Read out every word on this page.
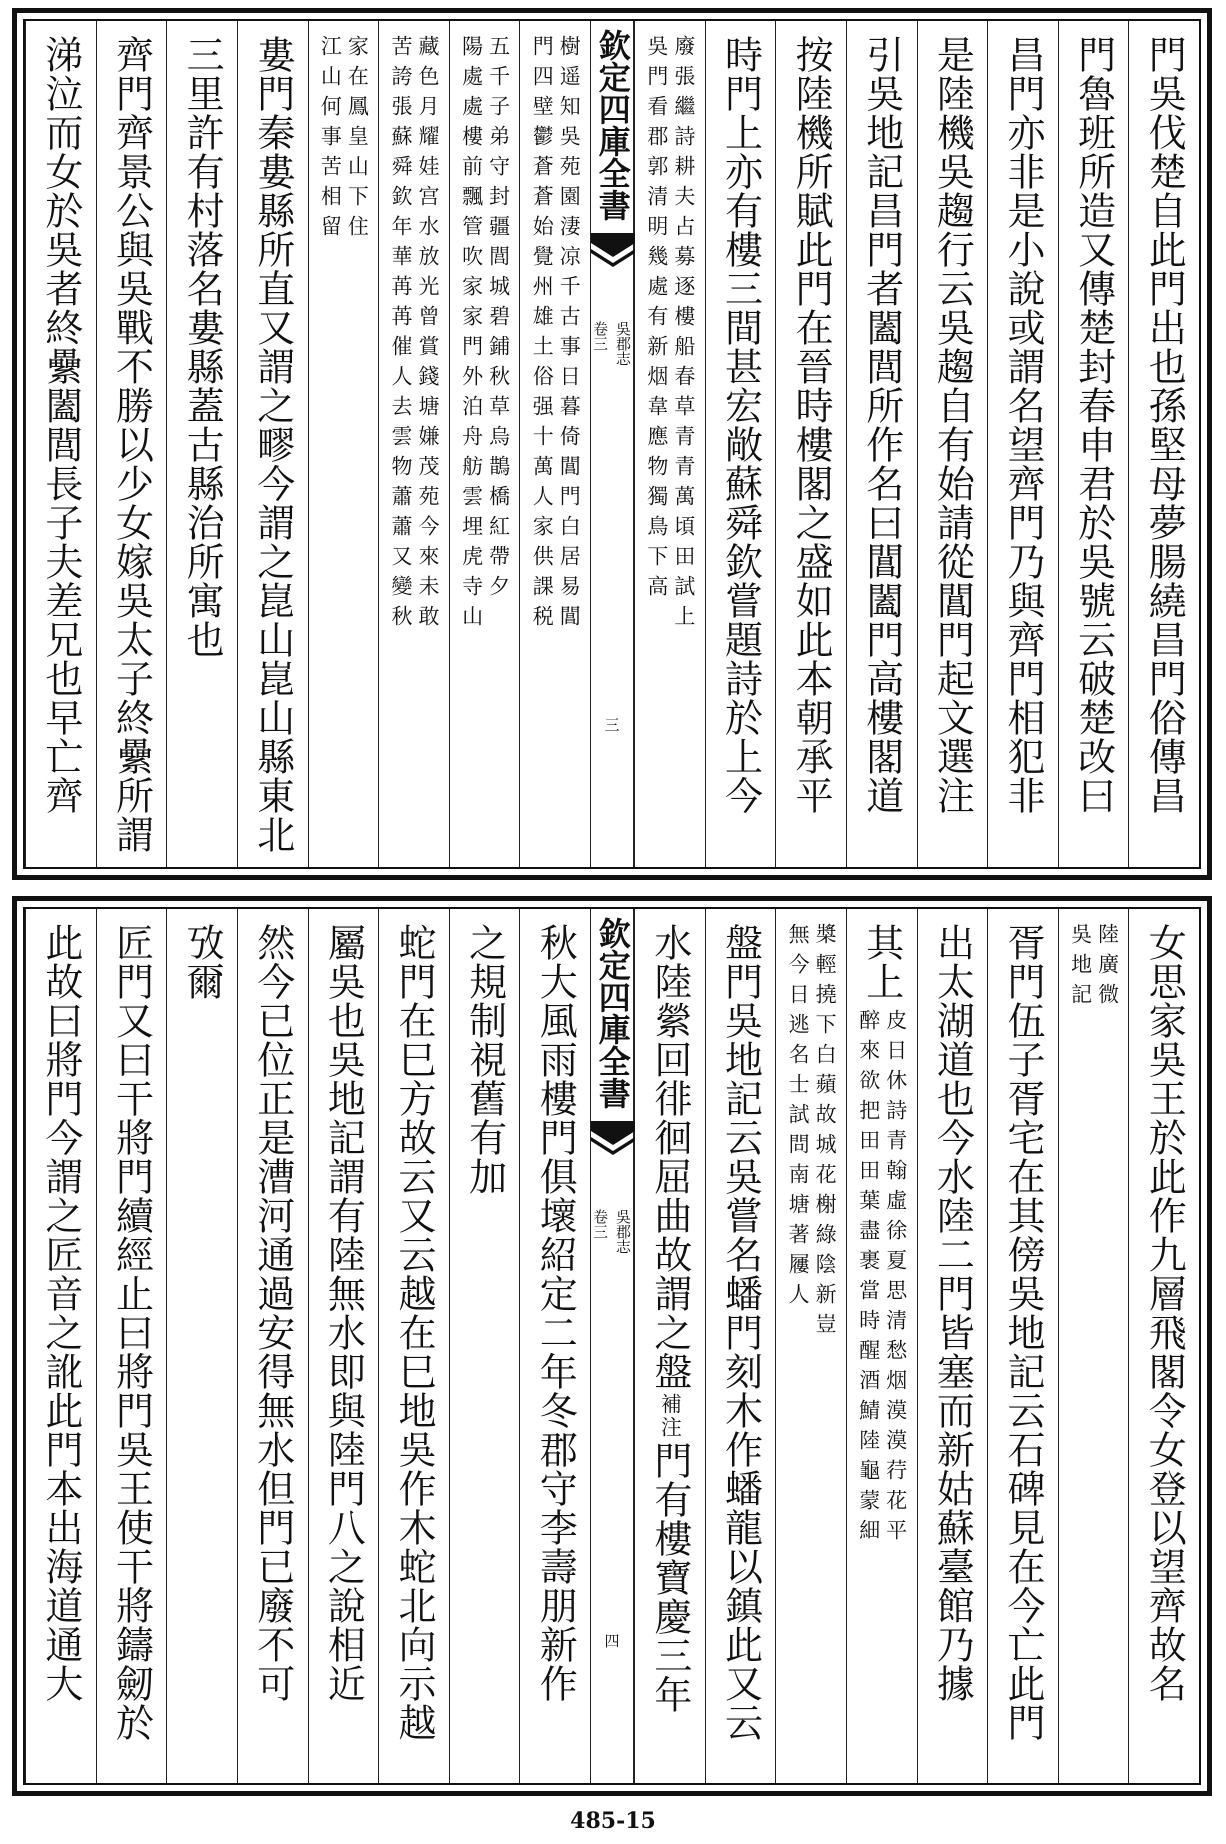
門吳伐楚自此門出也孫堅母夢腸繞昌門俗傳昌
門魯班所造又傳楚封春申君於吳號云破楚改曰
昌門亦非是小說或謂名望齊門乃與齊門相犯非
是陸機吳趨行云吳趨自有始請從閶門起文選注
引吳地記昌門者闔閭所作名曰閶闔門高樓閣道
按陸機所賦此門在晉時樓閣之盛如此本朝承平
時門上亦有樓三間甚宏敞蘇舜欽嘗題詩於上今
廢張繼詩耕夫占募逐樓船春草青青萬頃田試上
吳門看郡郭清明幾處有新烟韋應物獨鳥下高
欽定四庫全書
吳郡志
卷三
三
樹遥知吳苑園淒凉千古事日暮倚閶門白居易閶
門四壁鬱蒼蒼始覺州雄土俗强十萬人家供課税
五千子弟守封疆閭城碧鋪秋草烏鵲橋紅帶夕
陽處處樓前飄管吹家家門外泊舟舫雲埋虎寺山
藏色月耀娃宫水放光曾賞錢塘嫌茂苑今來未敢
苦誇張蘇舜欽年華苒苒催人去雲物蕭蕭又變秋
家在鳳皇山下住
江山何事苦相留
婁門秦婁縣所直又謂之疁今謂之崑山崑山縣東北
三里許有村落名婁縣蓋古縣治所寓也
齊門齊景公與吳戰不勝以少女嫁吳太子終纍所謂
涕泣而女於吳者終纍闔閭長子夫差兄也早亡齊
女思家吳王於此作九層飛閣令女登以望齊故名
陸廣微
吳地記
胥門伍子胥宅在其傍吳地記云石碑見在今亡此門
出太湖道也今水陸二門皆塞而新姑蘇臺館乃據
其上
皮日休詩青翰虛徐夏思清愁烟漠漠荇花平
醉來欲把田田葉盡裹當時醒酒鯖陸龜蒙細
槳輕撓下白蘋故城花榭綠陰新豈
無今日逃名士試問南塘著屨人
盤門吳地記云吳嘗名蟠門刻木作蟠龍以鎮此又云
水陸縈回徘徊屈曲故謂之盤
補注
門有樓寶慶三年
欽定四庫全書
吳郡志
卷三
四
秋大風雨樓門俱壞紹定二年冬郡守李壽朋新作
之規制視舊有加
蛇門在巳方故云又云越在巳地吳作木蛇北向示越
屬吳也吳地記謂有陸無水即與陸門八之說相近
然今已位正是漕河通過安得無水但門已廢不可
攷爾
匠門又曰干將門續經止曰將門吳王使干將鑄劒於
此故曰將門今謂之匠音之訛此門本出海道通大
485-15
